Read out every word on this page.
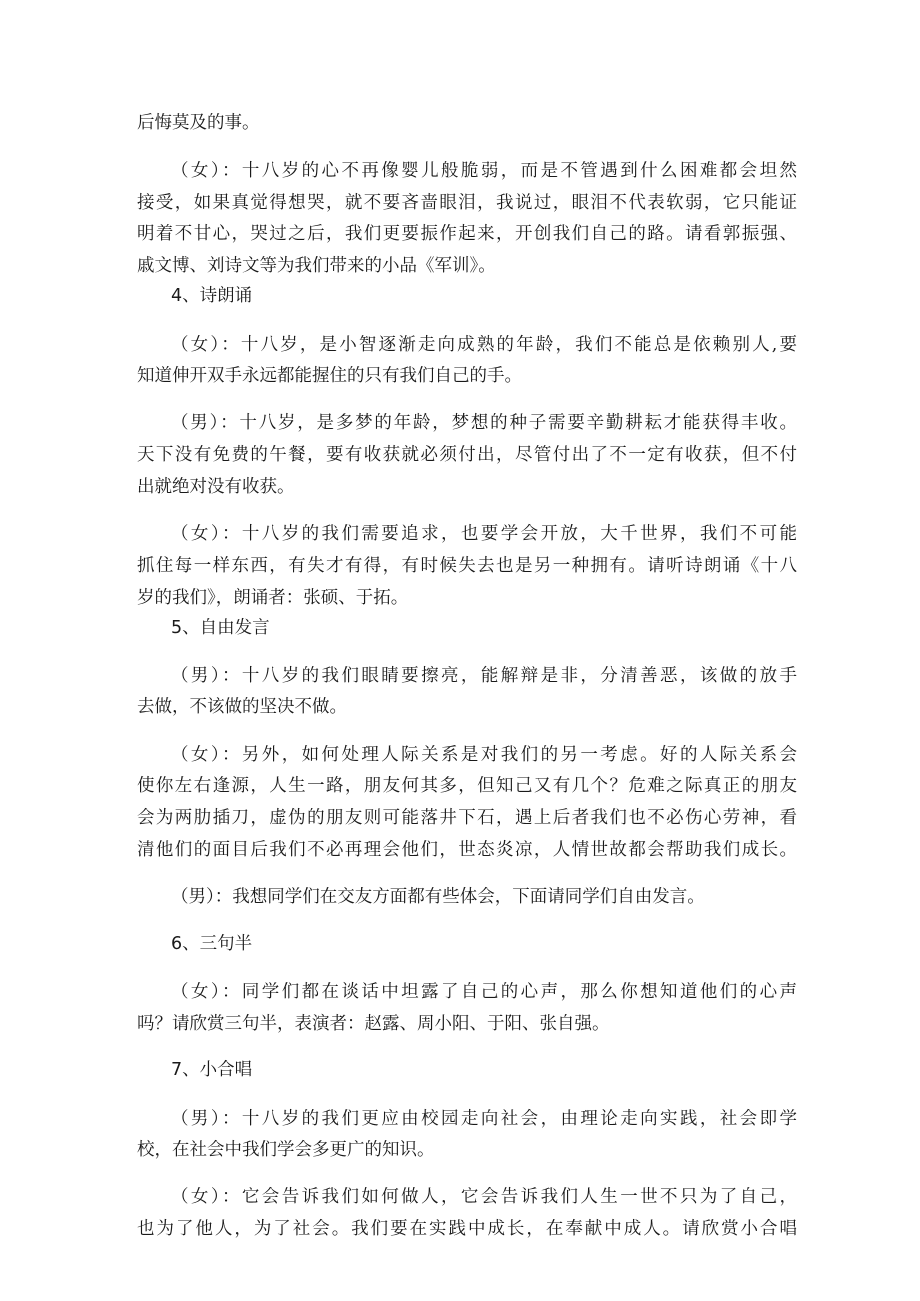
后悔莫及的事。
（女）：十八岁的心不再像婴儿般脆弱，而是不管遇到什么困难都会坦然
接受，如果真觉得想哭，就不要吝啬眼泪，我说过，眼泪不代表软弱，它只能证
明着不甘心，哭过之后，我们更要振作起来，开创我们自己的路。请看郭振强、
戚文博、刘诗文等为我们带来的小品《军训》。
4、诗朗诵
（女）：十八岁，是小智逐渐走向成熟的年龄，我们不能总是依赖别人,要
知道伸开双手永远都能握住的只有我们自己的手。
（男）：十八岁，是多梦的年龄，梦想的种子需要辛勤耕耘才能获得丰收。
天下没有免费的午餐，要有收获就必须付出，尽管付出了不一定有收获，但不付
出就绝对没有收获。
（女）：十八岁的我们需要追求，也要学会开放，大千世界，我们不可能
抓住每一样东西，有失才有得，有时候失去也是另一种拥有。请听诗朗诵《十八
岁的我们》，朗诵者：张硕、于拓。
5、自由发言
（男）：十八岁的我们眼睛要擦亮，能解辩是非，分清善恶，该做的放手
去做，不该做的坚决不做。
（女）：另外，如何处理人际关系是对我们的另一考虑。好的人际关系会
使你左右逢源，人生一路，朋友何其多，但知己又有几个？危难之际真正的朋友
会为两肋插刀，虚伪的朋友则可能落井下石，遇上后者我们也不必伤心劳神，看
清他们的面目后我们不必再理会他们，世态炎凉，人情世故都会帮助我们成长。
（男）：我想同学们在交友方面都有些体会，下面请同学们自由发言。
6、三句半
（女）：同学们都在谈话中坦露了自己的心声，那么你想知道他们的心声
吗？请欣赏三句半，表演者：赵露、周小阳、于阳、张自强。
7、小合唱
（男）：十八岁的我们更应由校园走向社会，由理论走向实践，社会即学
校，在社会中我们学会多更广的知识。
（女）：它会告诉我们如何做人，它会告诉我们人生一世不只为了自己，
也为了他人，为了社会。我们要在实践中成长，在奉献中成人。请欣赏小合唱
